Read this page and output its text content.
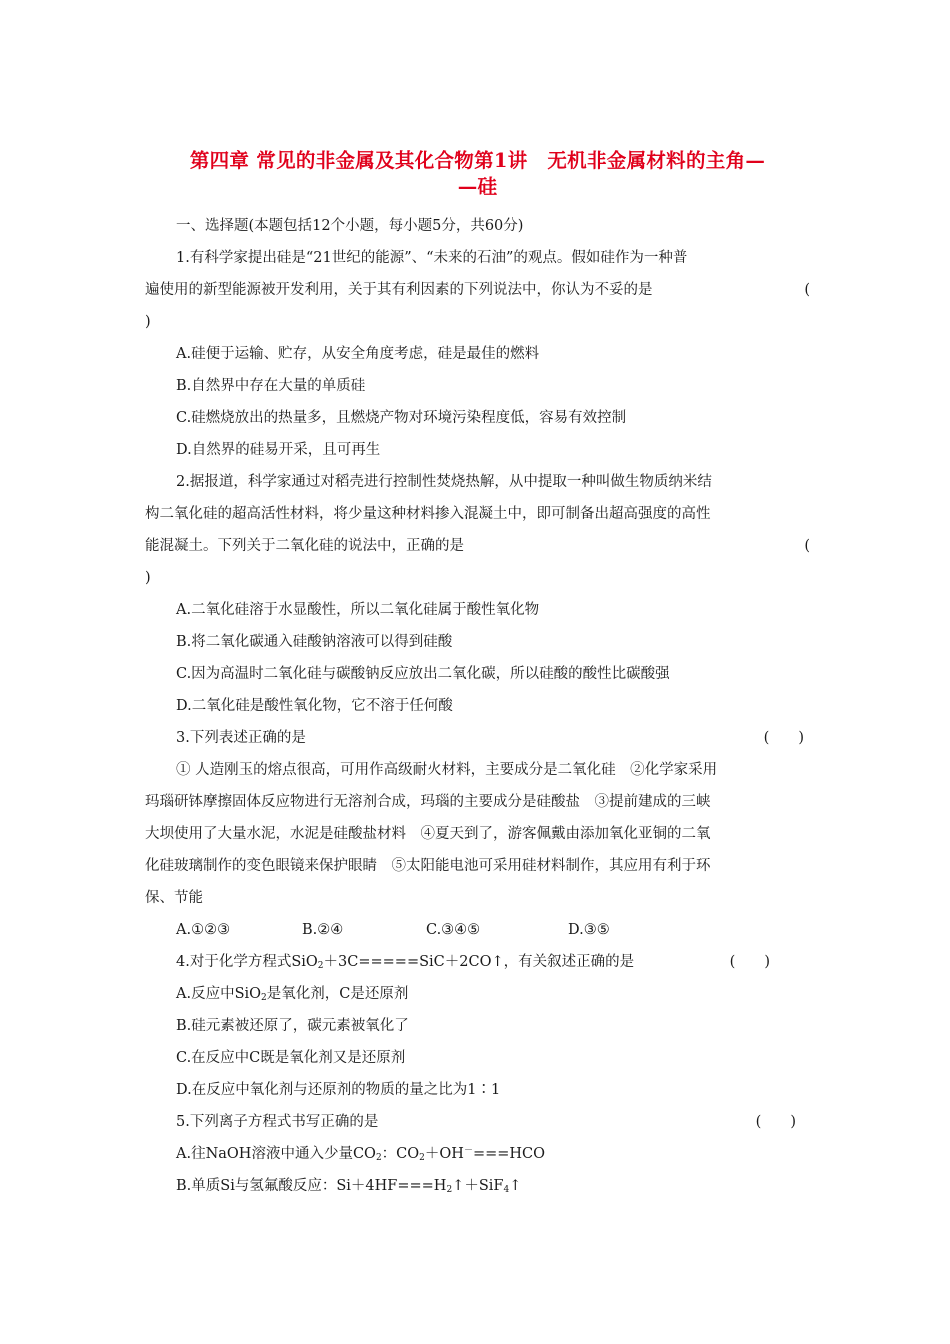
第四章 常见的非金属及其化合物第1讲　无机非金属材料的主角—
—硅
一、选择题(本题包括12个小题，每小题5分，共60分)
1.有科学家提出硅是“21世纪的能源”、“未来的石油”的观点。假如硅作为一种普
遍使用的新型能源被开发利用，关于其有利因素的下列说法中，你认为不妥的是	(
)
A.硅便于运输、贮存，从安全角度考虑，硅是最佳的燃料
B.自然界中存在大量的单质硅
C.硅燃烧放出的热量多，且燃烧产物对环境污染程度低，容易有效控制
D.自然界的硅易开采，且可再生
2.据报道，科学家通过对稻壳进行控制性焚烧热解，从中提取一种叫做生物质纳米结
构二氧化硅的超高活性材料，将少量这种材料掺入混凝土中，即可制备出超高强度的高性
能混凝土。下列关于二氧化硅的说法中，正确的是	(
)
A.二氧化硅溶于水显酸性，所以二氧化硅属于酸性氧化物
B.将二氧化碳通入硅酸钠溶液可以得到硅酸
C.因为高温时二氧化硅与碳酸钠反应放出二氧化碳，所以硅酸的酸性比碳酸强
D.二氧化硅是酸性氧化物，它不溶于任何酸
3.下列表述正确的是	(　　)
① 人造刚玉的熔点很高，可用作高级耐火材料，主要成分是二氧化硅　②化学家采用
玛瑙研钵摩擦固体反应物进行无溶剂合成，玛瑙的主要成分是硅酸盐　③提前建成的三峡
大坝使用了大量水泥，水泥是硅酸盐材料　④夏天到了，游客佩戴由添加氧化亚铜的二氧
化硅玻璃制作的变色眼镜来保护眼睛　⑤太阳能电池可采用硅材料制作，其应用有利于环
保、节能
A.①②③	B.②④	C.③④⑤	D.③⑤
4.对于化学方程式SiO$_2$＋3C=====SiC＋2CO↑，有关叙述正确的是	(　　)
A.反应中SiO$_2$是氧化剂，C是还原剂
B.硅元素被还原了，碳元素被氧化了
C.在反应中C既是氧化剂又是还原剂
D.在反应中氧化剂与还原剂的物质的量之比为1∶1
5.下列离子方程式书写正确的是	(　　)
A.往NaOH溶液中通入少量$CO_2$：$CO_2+OH^-===HCO$
B.单质Si与氢氟酸反应：$Si+4HF===H_2↑+SiF_4↑$
